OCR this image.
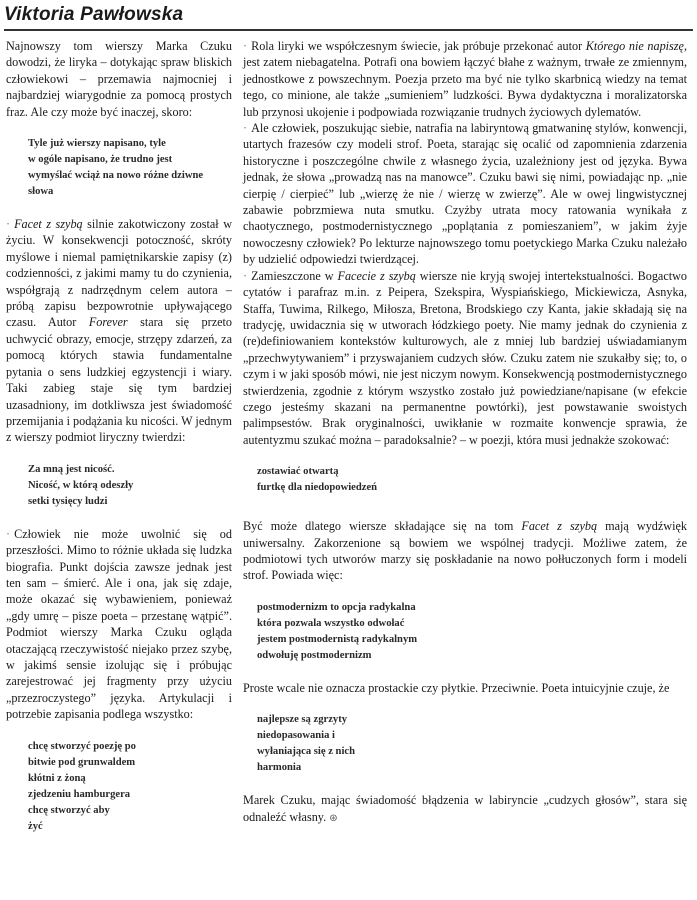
Viktoria Pawłowska

Najnowszy tom wierszy Marka Czuku dowodzi, że liryka – dotykając spraw bliskich człowiekowi – przemawia najmocniej i najbardziej wiarygodnie za pomocą prostych fraz. Ale czy może być inaczej, skoro:

Tyle już wierszy napisano, tyle
w ogóle napisano, że trudno jest
wymyślać wciąż na nowo różne dziwne
słowa

· Facet z szybą silnie zakotwiczony został w życiu. W konsekwencji potoczność, skróty myślowe i niemal pamiętnikarskie zapisy (z) codzienności, z jakimi mamy tu do czynienia, współgrają z nadrzędnym celem autora – próbą zapisu bezpowrotnie upływającego czasu. Autor Forever stara się przeto uchwycić obrazy, emocje, strzępy zdarzeń, za pomocą których stawia fundamentalne pytania o sens ludzkiej egzystencji i wiary. Taki zabieg staje się tym bardziej uzasadniony, im dotkliwsza jest świadomość przemijania i podążania ku nicości. W jednym z wierszy podmiot liryczny twierdzi:

Za mną jest nicość.
Nicość, w którą odeszły
setki tysięcy ludzi

· Człowiek nie może uwolnić się od przeszłości. Mimo to różnie układa się ludzka biografia. Punkt dojścia zawsze jednak jest ten sam – śmierć. Ale i ona, jak się zdaje, może okazać się wybawieniem, ponieważ „gdy umrę – pisze poeta – przestanę wątpić”. Podmiot wierszy Marka Czuku ogląda otaczającą rzeczywistość niejako przez szybę, w jakimś sensie izolując się i próbując zarejestrować jej fragmenty przy użyciu „przezroczystego” języka. Artykulacji i potrzebie zapisania podlega wszystko:

chcę stworzyć poezję po
bitwie pod grunwaldem
kłótni z żoną
zjedzeniu hamburgera
chcę stworzyć aby
żyć

· Rola liryki we współczesnym świecie, jak próbuje przekonać autor Którego nie napiszę, jest zatem niebagatelna. Potrafi ona bowiem łączyć błahe z ważnym, trwałe ze zmiennym, jednostkowe z powszechnym. Poezja przeto ma być nie tylko skarbnicą wiedzy na temat tego, co minione, ale także „sumieniem” ludzkości. Bywa dydaktyczna i moralizatorska lub przynosi ukojenie i podpowiada rozwiązanie trudnych życiowych dylematów.

· Ale człowiek, poszukując siebie, natrafia na labiryntową gmatwaninę stylów, konwencji, utartych frazesów czy modeli strof. Poeta, starając się ocalić od zapomnienia zdarzenia historyczne i poszczególne chwile z własnego życia, uzależniony jest od języka. Bywa jednak, że słowa „prowadzą nas na manowce”. Czuku bawi się nimi, powiadając np. „nie cierpię / cierpieć” lub „wierzę że nie / wierzę w zwierzę”. Ale w owej lingwistycznej zabawie pobrzmiewa nuta smutku. Czyżby utrata mocy ratowania wynikała z chaotycznego, postmodernistycznego „poplątania z pomieszaniem”, w jakim żyje nowoczesny człowiek? Po lekturze najnowszego tomu poetyckiego Marka Czuku należało by udzielić odpowiedzi twierdzącej.

· Zamieszczone w Facecie z szybą wiersze nie kryją swojej intertekstualności. Bogactwo cytatów i parafraz m.in. z Peipera, Szekspira, Wyspiańskiego, Mickiewicza, Asnyka, Staffa, Tuwima, Rilkego, Miłosza, Bretona, Brodskiego czy Kanta, jakie składają się na tradycję, uwidacznia się w utworach łódzkiego poety. Nie mamy jednak do czynienia z (re)definiowaniem kontekstów kulturowych, ale z mniej lub bardziej uświadamianym „przechwytywaniem” i przyswajaniem cudzych słów. Czuku zatem nie szukałby się; to, o czym i w jaki sposób mówi, nie jest niczym nowym. Konsekwencją postmodernistycznego stwierdzenia, zgodnie z którym wszystko zostało już powiedziane/napisane (w efekcie czego jesteśmy skazani na permanentne powtórki), jest powstawanie swoistych palimpsestów. Brak oryginalności, uwikłanie w rozmaite konwencje sprawia, że autentyzmu szukać można – paradoksalnie? – w poezji, która musi jednakże szokować:

zostawiać otwartą
furtkę dla niedopowiedzeń

Być może dlatego wiersze składające się na tom Facet z szybą mają wydźwięk uniwersalny. Zakorzenione są bowiem we wspólnej tradycji. Możliwe zatem, że podmiotowi tych utworów marzy się poskładanie na nowo połłuczonych form i modeli strof. Powiada więc:

postmodernizm to opcja radykalna
która pozwala wszystko odwołać
jestem postmodernistą radykalnym
odwołuję postmodernizm

Proste wcale nie oznacza prostackie czy płytkie. Przeciwnie. Poeta intuicyjnie czuje, że

najlepsze są zgrzyty
niedopasowania i
wyłaniająca się z nich
harmonia

Marek Czuku, mając świadomość błądzenia w labiryncie „cudzych głosów”, stara się odnaleźć własny. ⊛
